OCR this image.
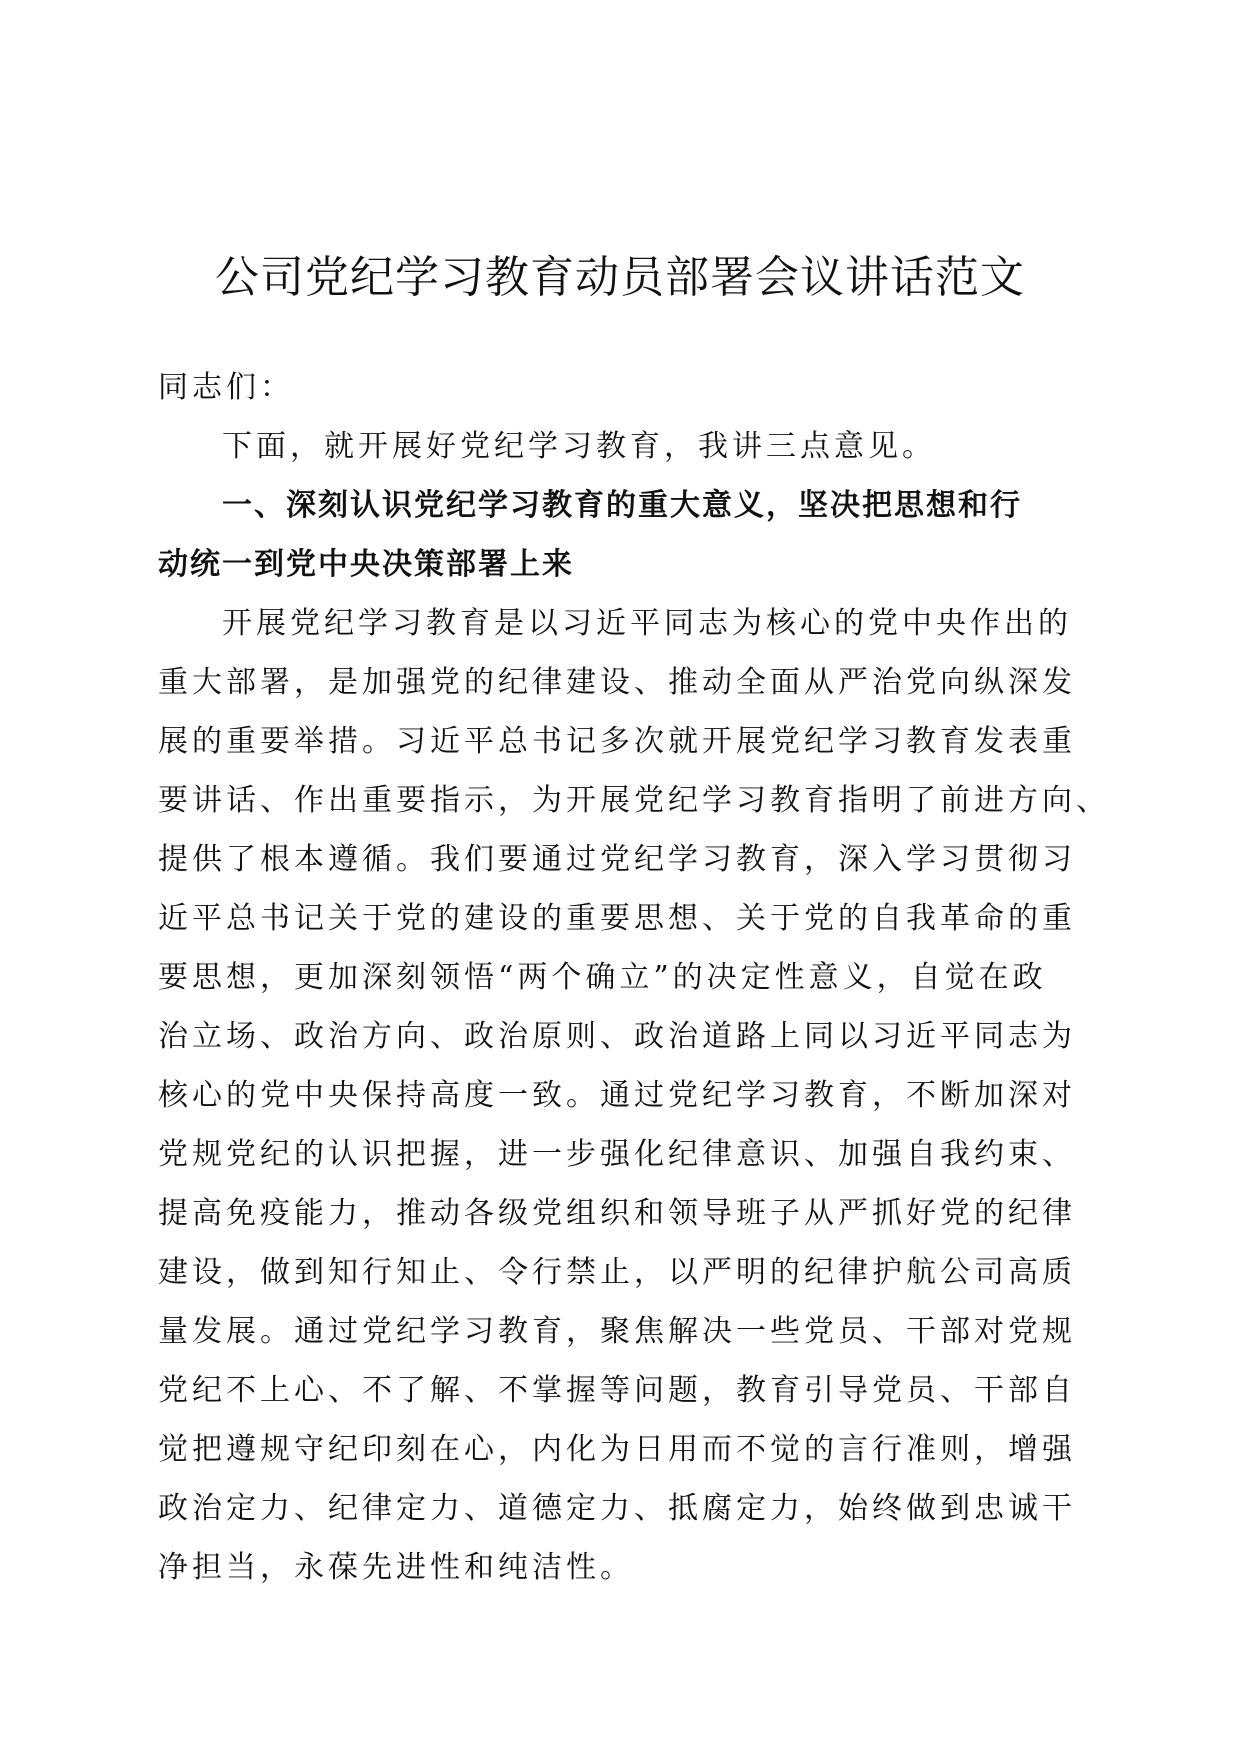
公司党纪学习教育动员部署会议讲话范文
同志们：
下面，就开展好党纪学习教育，我讲三点意见。
一、深刻认识党纪学习教育的重大意义，坚决把思想和行
动统一到党中央决策部署上来
开展党纪学习教育是以习近平同志为核心的党中央作出的
重大部署，是加强党的纪律建设、推动全面从严治党向纵深发
展的重要举措。习近平总书记多次就开展党纪学习教育发表重
要讲话、作出重要指示，为开展党纪学习教育指明了前进方向、
提供了根本遵循。我们要通过党纪学习教育，深入学习贯彻习
近平总书记关于党的建设的重要思想、关于党的自我革命的重
要思想，更加深刻领悟“两个确立”的决定性意义，自觉在政
治立场、政治方向、政治原则、政治道路上同以习近平同志为
核心的党中央保持高度一致。通过党纪学习教育，不断加深对
党规党纪的认识把握，进一步强化纪律意识、加强自我约束、
提高免疫能力，推动各级党组织和领导班子从严抓好党的纪律
建设，做到知行知止、令行禁止，以严明的纪律护航公司高质
量发展。通过党纪学习教育，聚焦解决一些党员、干部对党规
党纪不上心、不了解、不掌握等问题，教育引导党员、干部自
觉把遵规守纪印刻在心，内化为日用而不觉的言行准则，增强
政治定力、纪律定力、道德定力、抵腐定力，始终做到忠诚干
净担当，永葆先进性和纯洁性。
